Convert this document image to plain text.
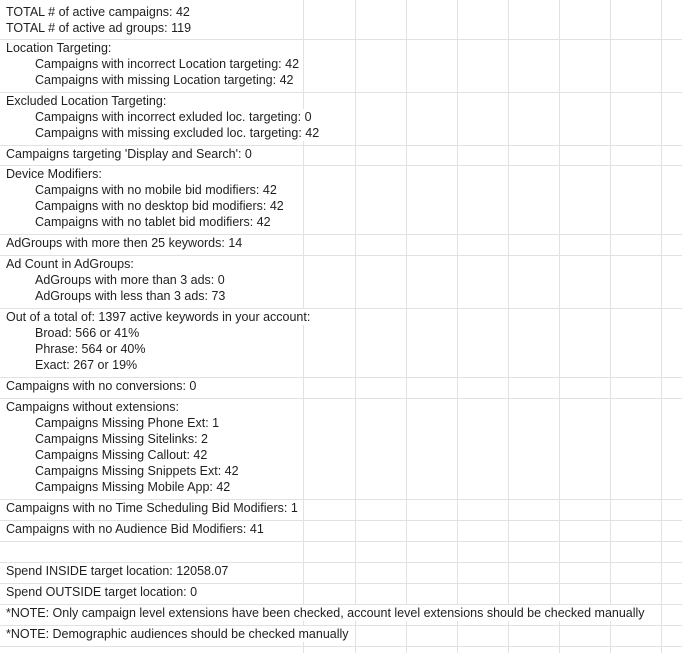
TOTAL # of active campaigns: 42
TOTAL # of active ad groups: 119
Location Targeting:
Campaigns with incorrect Location targeting: 42
Campaigns with missing Location targeting: 42
Excluded Location Targeting:
Campaigns with incorrect exluded loc. targeting: 0
Campaigns with missing excluded loc. targeting: 42
Campaigns targeting 'Display and Search': 0
Device Modifiers:
Campaigns with no mobile bid modifiers: 42
Campaigns with no desktop bid modifiers: 42
Campaigns with no tablet bid modifiers: 42
AdGroups with more then 25 keywords: 14
Ad Count in AdGroups:
AdGroups with more than 3 ads: 0
AdGroups with less than 3 ads: 73
Out of a total of: 1397 active keywords in your account:
Broad: 566 or 41%
Phrase: 564 or 40%
Exact: 267 or 19%
Campaigns with no conversions: 0
Campaigns without extensions:
Campaigns Missing Phone Ext: 1
Campaigns Missing Sitelinks: 2
Campaigns Missing Callout: 42
Campaigns Missing Snippets Ext: 42
Campaigns Missing Mobile App: 42
Campaigns with no Time Scheduling Bid Modifiers: 1
Campaigns with no Audience Bid Modifiers: 41
Spend INSIDE target location: 12058.07
Spend OUTSIDE target location: 0
*NOTE: Only campaign level extensions have been checked, account level extensions should be checked manually
*NOTE: Demographic audiences should be checked manually
